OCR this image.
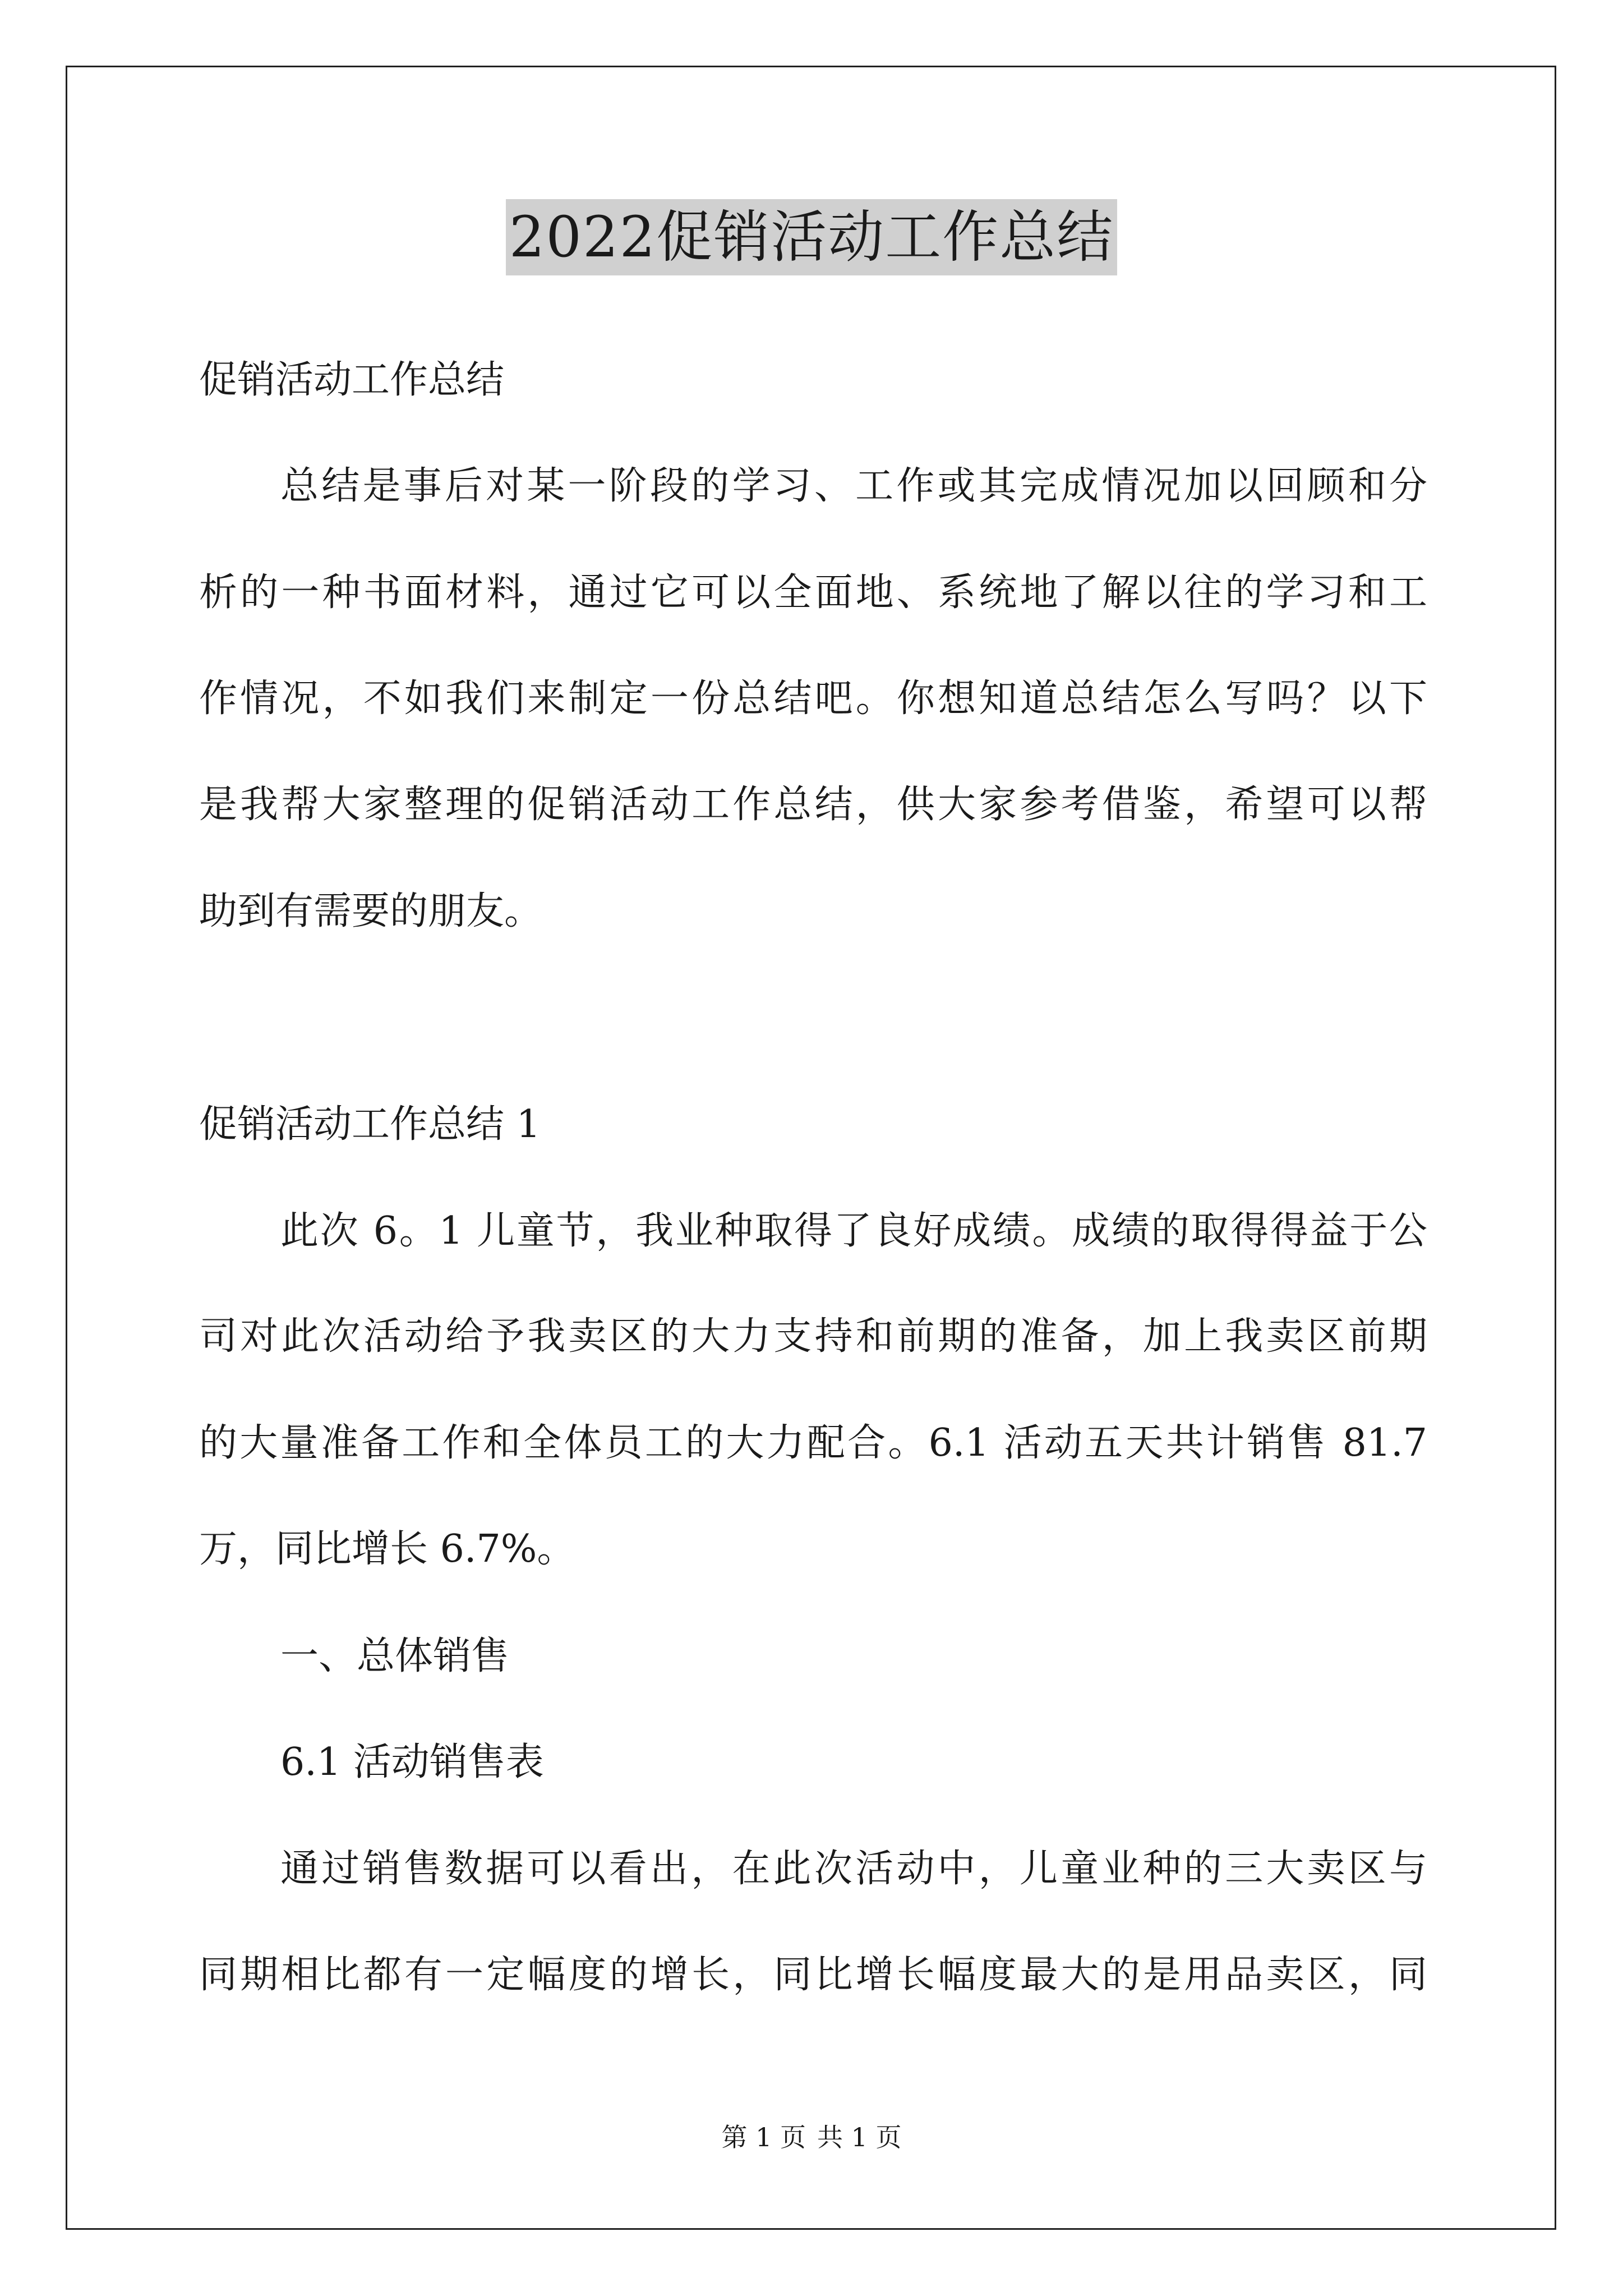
2022促销活动工作总结
促销活动工作总结
总结是事后对某一阶段的学习、工作或其完成情况加以回顾和分
析的一种书面材料，通过它可以全面地、系统地了解以往的学习和工
作情况，不如我们来制定一份总结吧。你想知道总结怎么写吗？以下
是我帮大家整理的促销活动工作总结，供大家参考借鉴，希望可以帮
助到有需要的朋友。
促销活动工作总结 1
此次 6。1 儿童节，我业种取得了良好成绩。成绩的取得得益于公
司对此次活动给予我卖区的大力支持和前期的准备，加上我卖区前期
的大量准备工作和全体员工的大力配合。6.1 活动五天共计销售 81.7
万，同比增长 6.7%。
一、总体销售
6.1 活动销售表
通过销售数据可以看出，在此次活动中，儿童业种的三大卖区与
同期相比都有一定幅度的增长，同比增长幅度最大的是用品卖区，同
第 1 页 共 1 页
